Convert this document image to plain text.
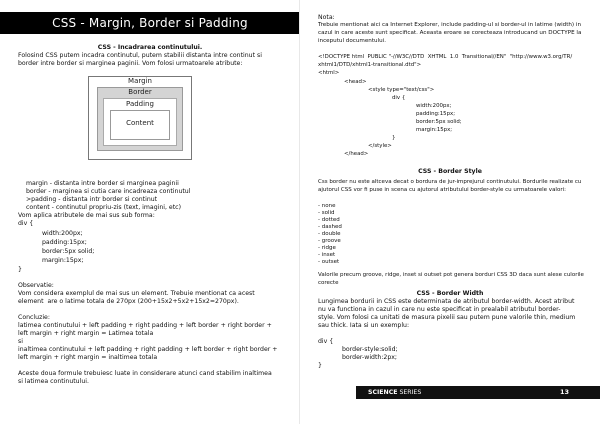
CSS - Margin, Border si Padding
CSS - Incadrarea continutului.
Folosind CSS putem incadra continutul, putem stabilii distanta intre continut si
border intre border si marginea paginii. Vom folosi urmatoarele atribute:
Margin
Border
Padding
Content
margin - distanta intre border si marginea paginii
border - marginea si cutia care incadreaza continutul
>padding - distanta intr border si continut
content - continutul propriu-zis (text, imagini, etc)
Vom aplica atributele de mai sus sub forma:
div {
width:200px;
padding:15px;
border:5px solid;
margin:15px;
}
Observatie:
Vom considera exemplul de mai sus un element. Trebuie mentionat ca acest
element  are o latime totala de 270px (200+15x2+5x2+15x2=270px).
Concluzie:
latimea continutului + left padding + right padding + left border + right border +
left margin + right margin = Latimea totala
si
inaltimea continutului + left padding + right padding + left border + right border +
left margin + right margin = inaltimea totala
Aceste doua formule trebuiesc luate in considerare atunci cand stabilim inaltimea
si latimea continutului.
Nota:
Trebuie mentionat aici ca Internet Explorer, include padding-ul si border-ul in latime (width) in
cazul in care aceste sunt specificat. Aceasta eroare se corecteaza introducand un DOCTYPE la
inceputul documentului.
<!DOCTYPE html  PUBLIC "-//W3C//DTD  XHTML  1.0  Transitional//EN"  "http://www.w3.org/TR/
xhtml1/DTD/xhtml1-transitional.dtd">
<html>
<head>
<style type="text/css">
div {
width:200px;
padding:15px;
border:5px solid;
margin:15px;
}
</style>
</head>
CSS - Border Style
Css border nu este altceva decat o bordura de jur-imprejurul continutului. Bordurile realizate cu
ajutorul CSS vor fi puse in scena cu ajutorul atributului border-style cu urmatoarele valori:
- none
- solid
- dotted
- dashed
- double
- groove
- ridge
- inset
- outset
Valorile precum groove, ridge, inset si outset pot genera borduri CSS 3D daca sunt alese culorile
corecte
CSS - Border Width
Lungimea bordurii in CSS este determinata de atributul border-width. Acest atribut
nu va functiona in cazul in care nu este specificat in prealabil atributul border-
style. Vom folosi ca unitati de masura pixelii sau putem pune valorile thin, medium
sau thick. Iata si un exemplu:
div {
border-style:solid;
border-width:2px;
}
SCIENCE SERIES	13
